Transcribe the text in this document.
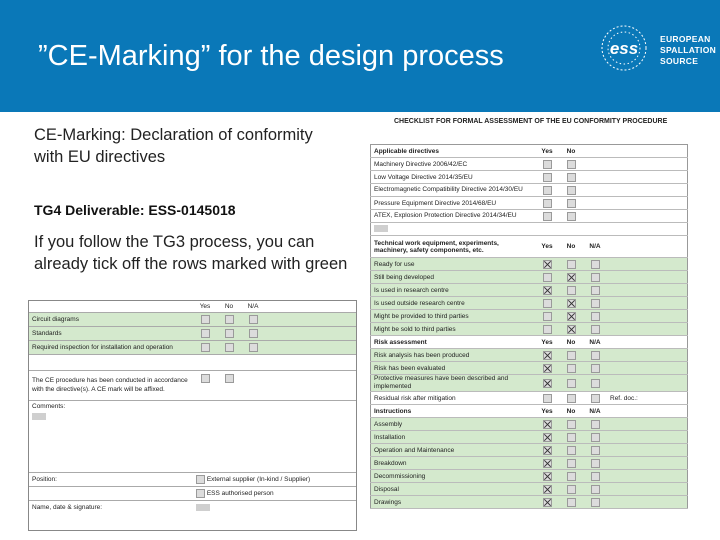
”CE-Marking” for the design process	ess	EUROPEAN
SPALLATION
SOURCE
CE-Marking: Declaration of conformity with EU directives
TG4 Deliverable: ESS-0145018
If you follow the TG3 process, you can already tick off the rows marked with green
	Yes	No	N/A	
Circuit diagrams				
Standards				
Required inspection for installation and operation				

The CE procedure has been conducted in accordance with the directive(s). A CE mark will be affixed.				

Comments:				

Position:	External supplier (In-kind / Supplier)			
	ESS authorised person			
Name, date & signature:				
CHECKLIST FOR FORMAL ASSESSMENT OF THE EU CONFORMITY PROCEDURE
Applicable directives	Yes	No		
Machinery Directive 2006/42/EC				
Low Voltage Directive 2014/35/EU				
Electromagnetic Compatibility Directive 2014/30/EU				
Pressure Equipment Directive 2014/68/EU				
ATEX, Explosion Protection Directive 2014/34/EU				

Technical work equipment, experiments, machinery, safety components, etc.	Yes	No	N/A	
Ready for use				
Still being developed				
Is used in research centre				
Is used outside research centre				
Might be provided to third parties				
Might be sold to third parties				
Risk assessment	Yes	No	N/A	
Risk analysis has been produced				
Risk has been evaluated				
Protective measures have been described and implemented				
Residual risk after mitigation				Ref. doc.:
Instructions	Yes	No	N/A	
Assembly				
Installation				
Operation and Maintenance				
Breakdown				
Decommissioning				
Disposal				
Drawings				
